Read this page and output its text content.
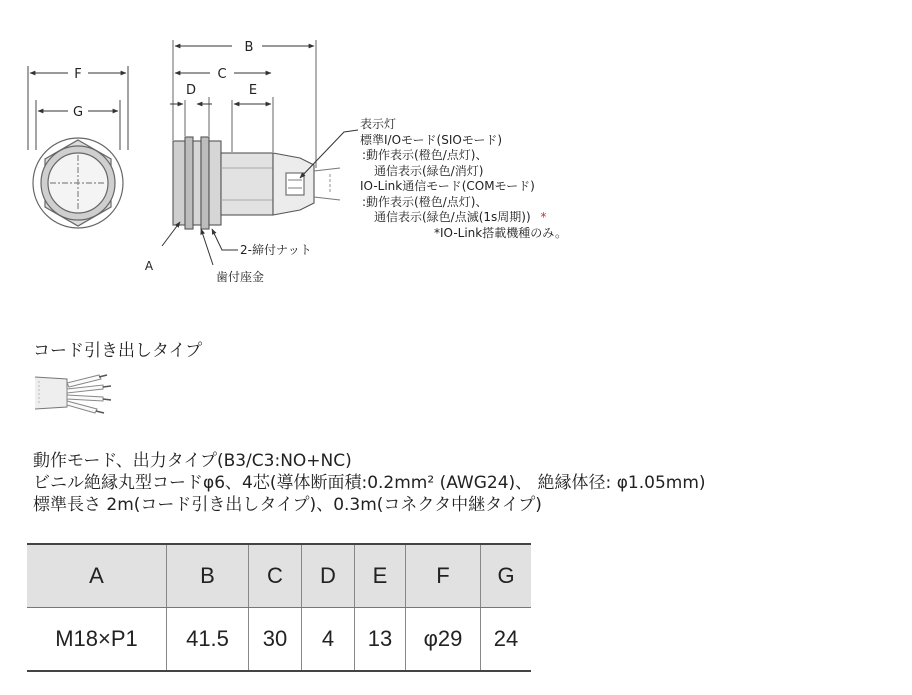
F
G
B
C
D	E
A
2-締付ナット
歯付座金
表示灯
標準I/Oモード(SIOモード)
:動作表示(橙色/点灯)、
通信表示(緑色/消灯)
IO-Link通信モード(COMモード)
:動作表示(橙色/点灯)、
通信表示(緑色/点滅(1s周期)) *
*IO-Link搭載機種のみ。
コード引き出しタイプ
動作モード、出力タイプ(B3/C3:NO+NC)
ビニル絶縁丸型コードφ6、4芯(導体断面積:0.2mm² (AWG24)、 絶縁体径: φ1.05mm)
標準長さ 2m(コード引き出しタイプ)、0.3m(コネクタ中継タイプ)
A	B	C	D	E	F	G
M18×P1	41.5	30	4	13	φ29	24
